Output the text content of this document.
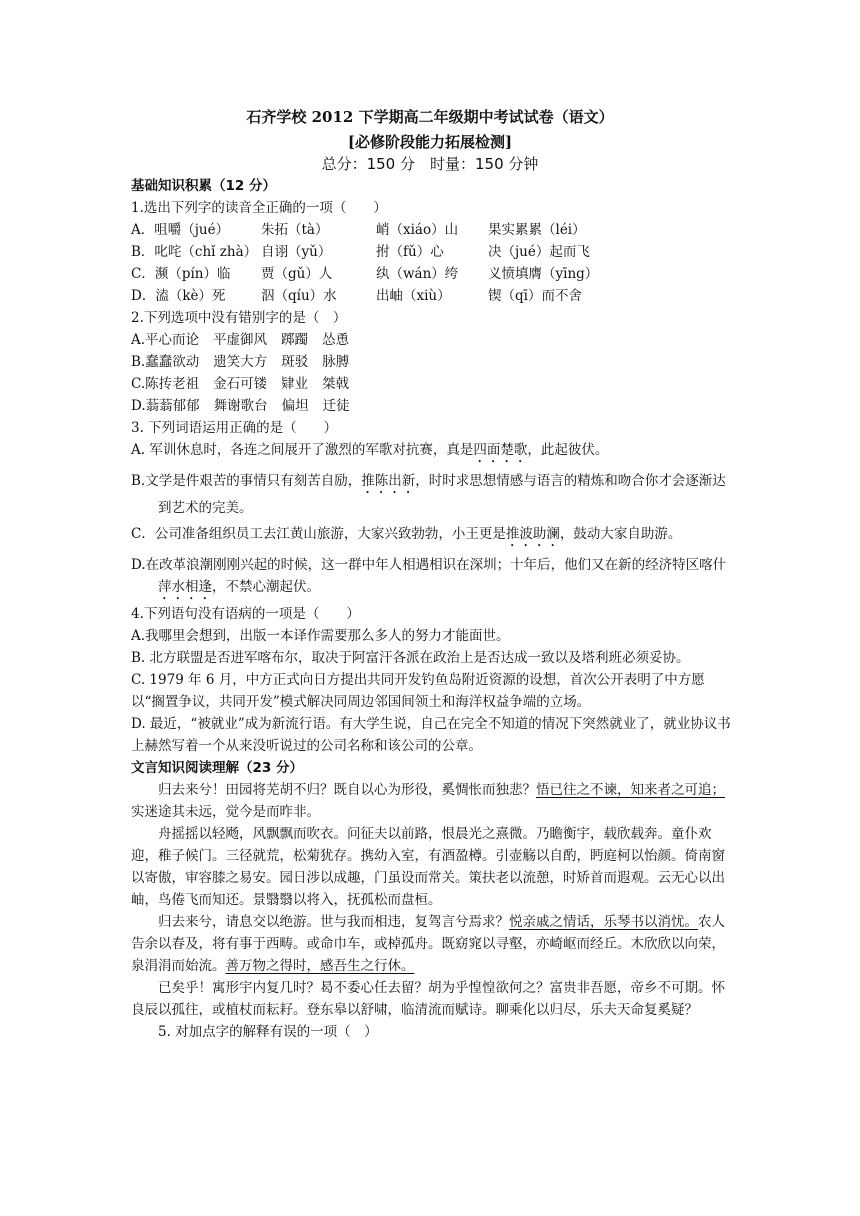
石齐学校 2012 下学期高二年级期中考试试卷（语文）
[必修阶段能力拓展检测]
总分：150 分　时量：150 分钟
基础知识积累（12 分）
1.选出下列字的读音全正确的一项（　　）
A．咀嚼（jué） 朱拓（tà）	峭（xiáo）山 果实累累（léi）
B．叱咤（chǐ zhà） 自诩（yǔ）	拊（fǔ）心	决（jué）起而飞
C．濒（pín）临 贾（gǔ）人	纨（wán）绔 义愤填膺（yīng）
D．溘（kè）死	泅（qíu）水	出岫（xiù）	锲（qī）而不舍
2.下列选项中没有错别字的是（　）
A.平心而论 平虚御风 踯躅 怂恿
B.蠢蠢欲动 遗笑大方 斑驳 脉膊
C.陈抟老祖 金石可镂 肄业 桀戟
D.蓊蓊郁郁 舞谢歌台 偏坦 迁徒
3. 下列词语运用正确的是（　　）
A. 军训休息时，各连之间展开了激烈的军歌对抗赛，真是四面楚歌，此起彼伏。
B.文学是件艰苦的事情只有刻苦自励，推陈出新，时时求思想情感与语言的精炼和吻合你才会逐渐达到艺术的完美。
C．公司准备组织员工去江黄山旅游，大家兴致勃勃，小王更是推波助澜，鼓动大家自助游。
D.在改革浪潮刚刚兴起的时候，这一群中年人相遇相识在深圳；十年后，他们又在新的经济特区喀什萍水相逢，不禁心潮起伏。
4.下列语句没有语病的一项是（　　）
A.我哪里会想到，出版一本译作需要那么多人的努力才能面世。
B. 北方联盟是否进军喀布尔，取决于阿富汗各派在政治上是否达成一致以及塔利班必须妥协。
C. 1979 年 6 月，中方正式向日方提出共同开发钓鱼岛附近资源的设想，首次公开表明了中方愿以“搁置争议，共同开发”模式解决同周边邻国间领土和海洋权益争端的立场。
D. 最近，“被就业”成为新流行语。有大学生说，自己在完全不知道的情况下突然就业了，就业协议书上赫然写着一个从来没听说过的公司名称和该公司的公章。
文言知识阅读理解（23 分）
归去来兮！田园将芜胡不归？既自以心为形役，奚惆怅而独悲？悟已往之不谏，知来者之可追；实迷途其未远，觉今是而昨非。
舟摇摇以轻飏，风飘飘而吹衣。问征夫以前路，恨晨光之熹微。乃瞻衡宇，载欣载奔。童仆欢迎，稚子候门。三径就荒，松菊犹存。携幼入室，有酒盈樽。引壶觞以自酌，眄庭柯以怡颜。倚南窗以寄傲，审容膝之易安。园日涉以成趣，门虽设而常关。策扶老以流憩，时矫首而遐观。云无心以出岫，鸟倦飞而知还。景翳翳以将入，抚孤松而盘桓。
归去来兮，请息交以绝游。世与我而相违，复驾言兮焉求？悦亲戚之情话，乐琴书以消忧。农人告余以春及，将有事于西畴。或命巾车，或棹孤舟。既窈窕以寻壑，亦崎岖而经丘。木欣欣以向荣，泉涓涓而始流。善万物之得时，感吾生之行休。
已矣乎！寓形宇内复几时？曷不委心任去留？胡为乎惶惶欲何之？富贵非吾愿，帝乡不可期。怀良辰以孤往，或植杖而耘耔。登东皋以舒啸，临清流而赋诗。聊乘化以归尽，乐夫天命复奚疑？
5. 对加点字的解释有误的一项（　）
